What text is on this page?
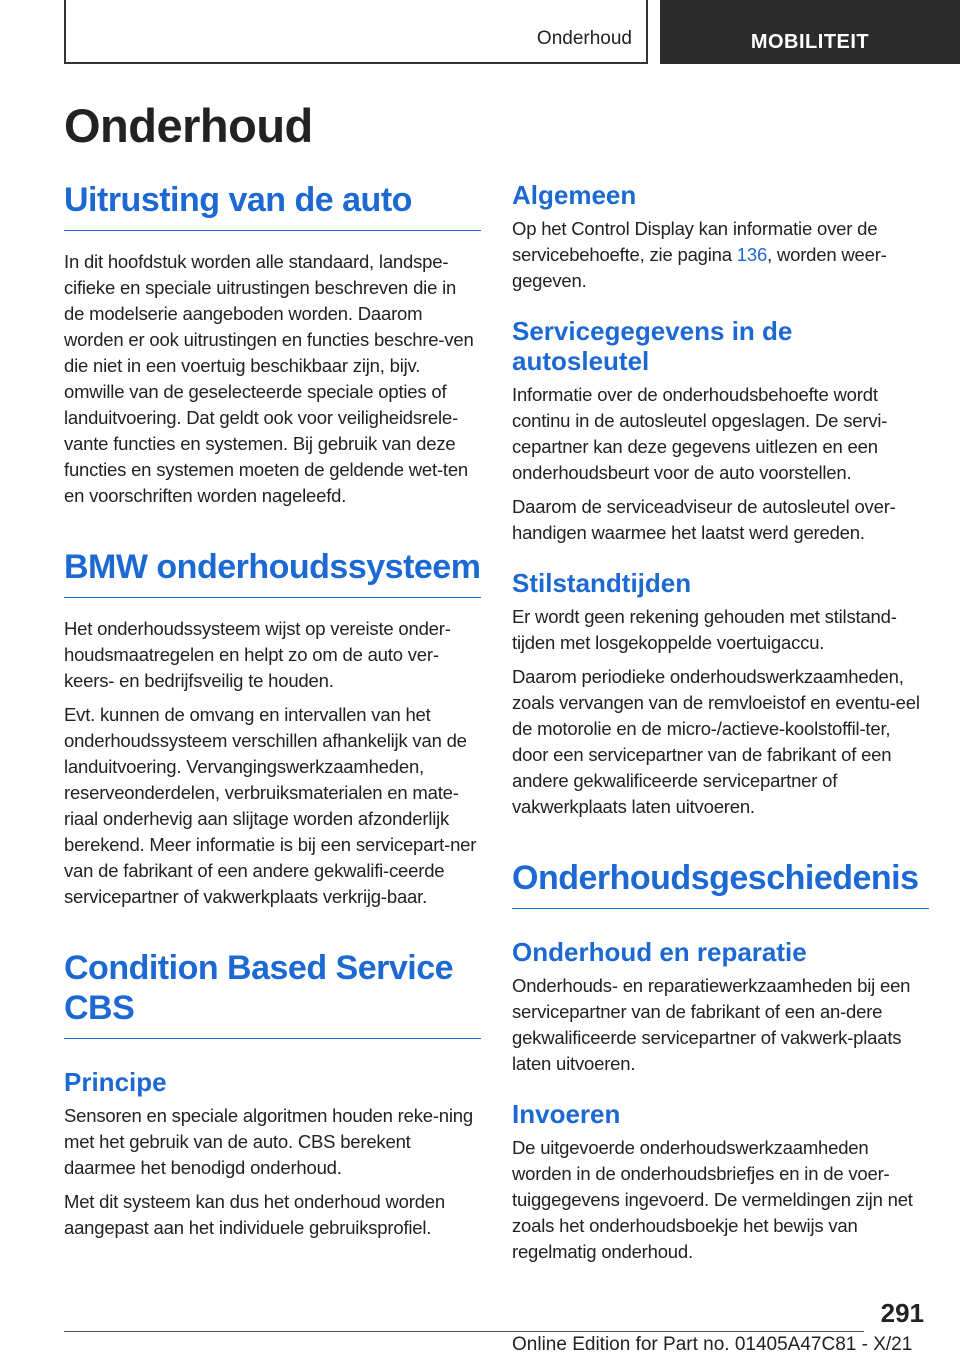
Onderhoud	MOBILITEIT
Onderhoud
Uitrusting van de auto

In dit hoofdstuk worden alle standaard, landspe-cifieke en speciale uitrustingen beschreven die in de modelserie aangeboden worden. Daarom worden er ook uitrustingen en functies beschre-ven die niet in een voertuig beschikbaar zijn, bijv. omwille van de geselecteerde speciale opties of landuitvoering. Dat geldt ook voor veiligheidsrele-vante functies en systemen. Bij gebruik van deze functies en systemen moeten de geldende wet-ten en voorschriften worden nageleefd.

BMW onderhoudssysteem

Het onderhoudssysteem wijst op vereiste onder-houdsmaatregelen en helpt zo om de auto ver-keers- en bedrijfsveilig te houden.

Evt. kunnen de omvang en intervallen van het onderhoudssysteem verschillen afhankelijk van de landuitvoering. Vervangingswerkzaamheden, reserveonderdelen, verbruiksmaterialen en mate-riaal onderhevig aan slijtage worden afzonderlijk berekend. Meer informatie is bij een servicepart-ner van de fabrikant of een andere gekwalifi-ceerde servicepartner of vakwerkplaats verkrijg-baar.

Condition Based Service CBS
Principe

Sensoren en speciale algoritmen houden reke-ning met het gebruik van de auto. CBS berekent daarmee het benodigd onderhoud.

Met dit systeem kan dus het onderhoud worden aangepast aan het individuele gebruiksprofiel.

Algemeen

Op het Control Display kan informatie over de servicebehoefte, zie pagina 136, worden weer-gegeven.

Servicegegevens in de autosleutel

Informatie over de onderhoudsbehoefte wordt continu in de autosleutel opgeslagen. De servi-cepartner kan deze gegevens uitlezen en een onderhoudsbeurt voor de auto voorstellen.

Daarom de serviceadviseur de autosleutel over-handigen waarmee het laatst werd gereden.

Stilstandtijden

Er wordt geen rekening gehouden met stilstand-tijden met losgekoppelde voertuigaccu.

Daarom periodieke onderhoudswerkzaamheden, zoals vervangen van de remvloeistof en eventu-eel de motorolie en de micro-/actieve-koolstoffil-ter, door een servicepartner van de fabrikant of een andere gekwalificeerde servicepartner of vakwerkplaats laten uitvoeren.

Onderhoudsgeschiedenis
Onderhoud en reparatie

Onderhouds- en reparatiewerkzaamheden bij een servicepartner van de fabrikant of een an-dere gekwalificeerde servicepartner of vakwerk-plaats laten uitvoeren.

Invoeren

De uitgevoerde onderhoudswerkzaamheden worden in de onderhoudsbriefjes en in de voer-tuiggegevens ingevoerd. De vermeldingen zijn net zoals het onderhoudsboekje het bewijs van regelmatig onderhoud.

291
Online Edition for Part no. 01405A47C81 - X/21
